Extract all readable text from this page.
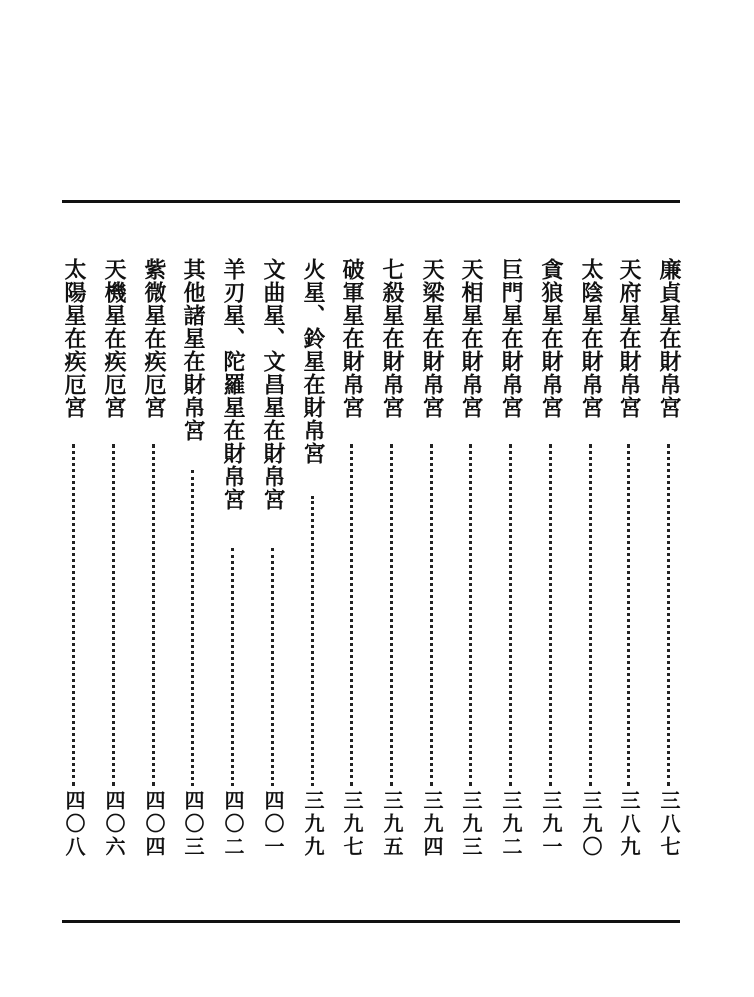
廉貞星在財帛宮
三八七
天府星在財帛宮
三八九
太陰星在財帛宮
三九〇
貪狼星在財帛宮
三九一
巨門星在財帛宮
三九二
天相星在財帛宮
三九三
天梁星在財帛宮
三九四
七殺星在財帛宮
三九五
破軍星在財帛宮
三九七
火星、鈴星在財帛宮
三九九
文曲星、文昌星在財帛宮
四〇一
羊刃星、陀羅星在財帛宮
四〇二
其他諸星在財帛宮
四〇三
紫微星在疾厄宮
四〇四
天機星在疾厄宮
四〇六
太陽星在疾厄宮
四〇八
